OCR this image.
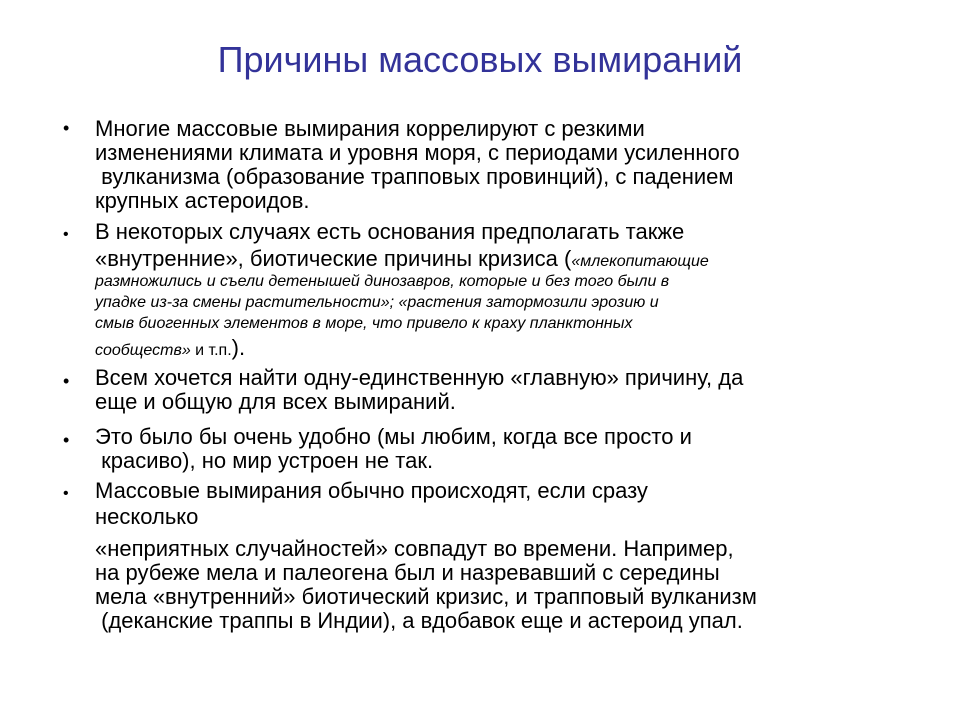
Причины массовых вымираний
•	Многие массовые вымирания коррелируют с резкими
изменениями климата и уровня моря, с периодами усиленного
вулканизма (образование трапповых провинций), с падением
крупных астероидов.
•	В некоторых случаях есть основания предполагать также
«внутренние», биотические причины кризиса («млекопитающие
размножились и съели детенышей динозавров, которые и без того были в
упадке из-за смены растительности»; «растения затормозили эрозию и
смыв биогенных элементов в море, что привело к краху планктонных
сообществ» и т.п.).
•	Всем хочется найти одну-единственную «главную» причину, да
еще и общую для всех вымираний.
•	Это было бы очень удобно (мы любим, когда все просто и
красиво), но мир устроен не так.
•	Массовые вымирания обычно происходят, если сразу
несколько
«неприятных случайностей» совпадут во времени. Например,
на рубеже мела и палеогена был и назревавший с середины
мела «внутренний» биотический кризис, и трапповый вулканизм
(деканские траппы в Индии), а вдобавок еще и астероид упал.
